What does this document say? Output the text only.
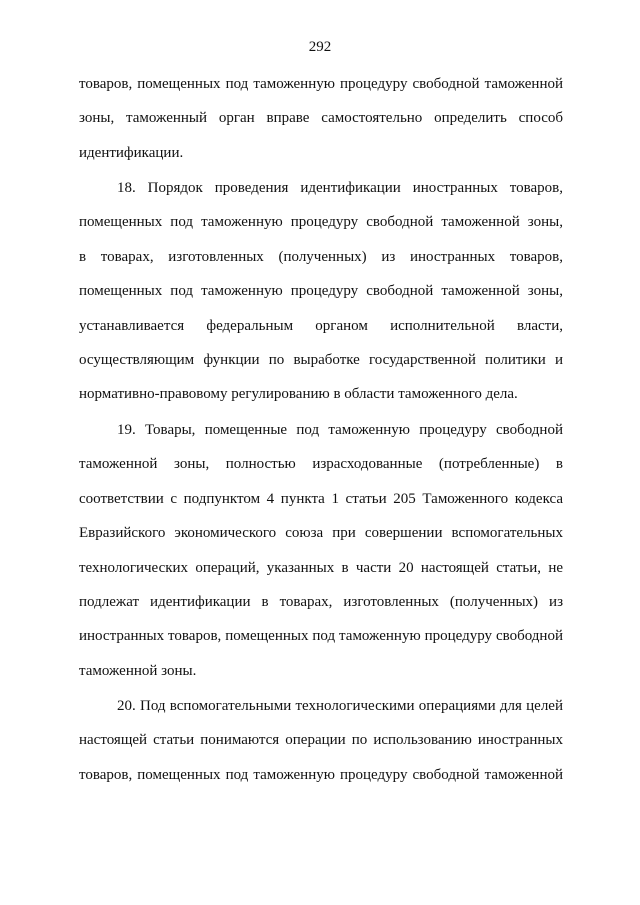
292
товаров, помещенных под таможенную процедуру свободной таможенной
зоны, таможенный орган вправе самостоятельно определить способ
идентификации.
18. Порядок проведения идентификации иностранных товаров,
помещенных под таможенную процедуру свободной таможенной зоны,
в товарах, изготовленных (полученных) из иностранных товаров,
помещенных под таможенную процедуру свободной таможенной зоны,
устанавливается федеральным органом исполнительной власти,
осуществляющим функции по выработке государственной политики и
нормативно-правовому регулированию в области таможенного дела.
19. Товары, помещенные под таможенную процедуру свободной
таможенной зоны, полностью израсходованные (потребленные) в
соответствии с подпунктом 4 пункта 1 статьи 205 Таможенного кодекса
Евразийского экономического союза при совершении вспомогательных
технологических операций, указанных в части 20 настоящей статьи, не
подлежат идентификации в товарах, изготовленных (полученных) из
иностранных товаров, помещенных под таможенную процедуру свободной
таможенной зоны.
20. Под вспомогательными технологическими операциями для целей
настоящей статьи понимаются операции по использованию иностранных
товаров, помещенных под таможенную процедуру свободной таможенной
